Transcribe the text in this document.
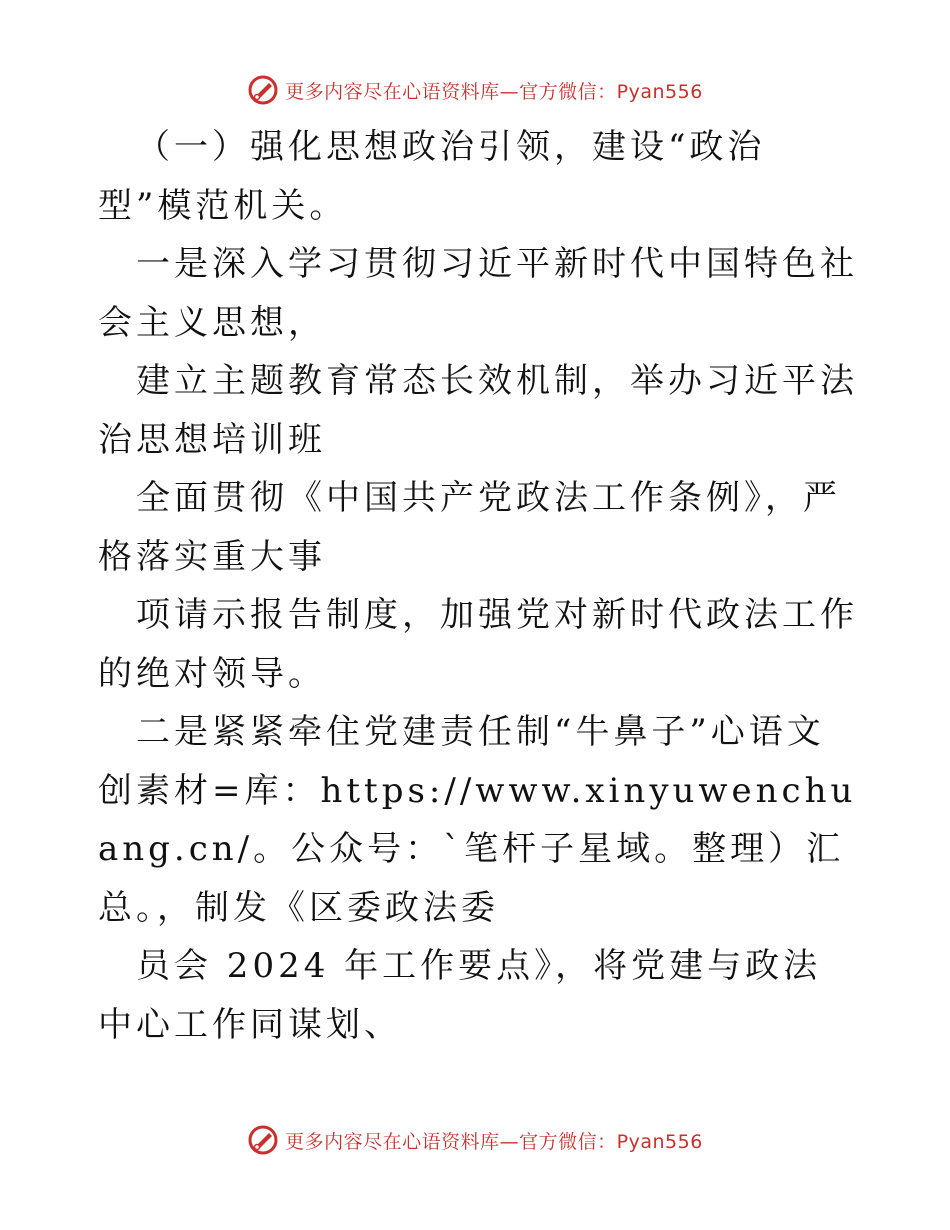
更多内容尽在心语资料库—官方微信：Pyan556

（一）强化思想政治引领，建设“政治型”模范机关。

一是深入学习贯彻习近平新时代中国特色社会主义思想，

建立主题教育常态长效机制，举办习近平法治思想培训班

全面贯彻《中国共产党政法工作条例》，严格落实重大事

项请示报告制度，加强党对新时代政法工作的绝对领导。

二是紧紧牵住党建责任制“牛鼻子”心语文创素材=库：https://www.xinyuwenchuang.cn/。公众号：`笔杆子星域。整理）汇总。，制发《区委政法委

员会 2024 年工作要点》，将党建与政法中心工作同谋划、

更多内容尽在心语资料库—官方微信：Pyan556
